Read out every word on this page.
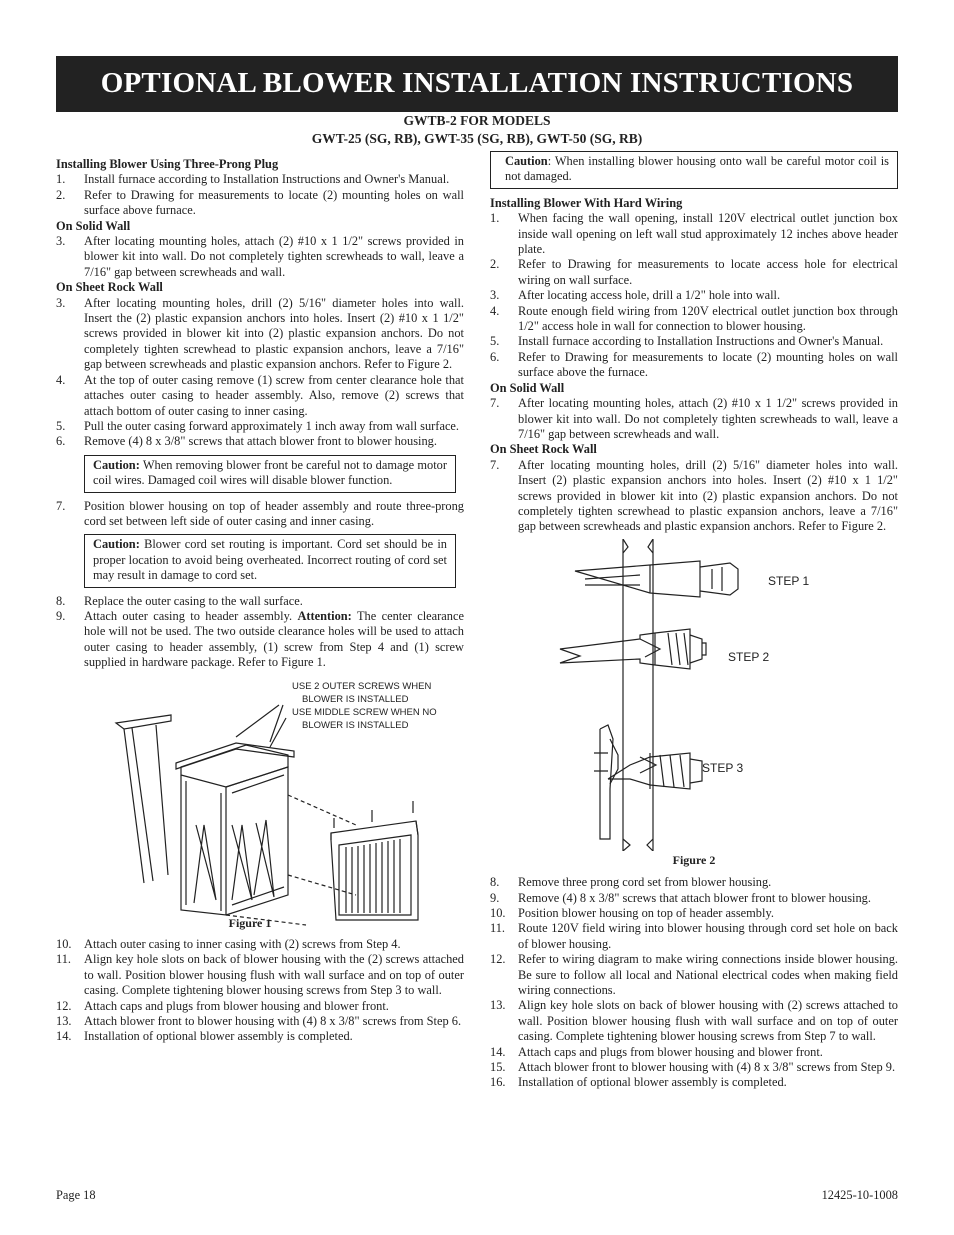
OPTIONAL BLOWER INSTALLATION INSTRUCTIONS
GWTB-2 FOR MODELS
GWT-25 (SG, RB), GWT-35 (SG, RB), GWT-50 (SG, RB)
Installing Blower Using Three-Prong Plug
1.	Install furnace according to Installation Instructions and Owner's Manual.
2.	Refer to Drawing for measurements to locate (2) mounting holes on wall surface above furnace.
On Solid Wall
3.	After locating mounting holes, attach (2) #10 x 1 1/2" screws provided in blower kit into wall. Do not completely tighten screwheads to wall, leave a 7/16" gap between screwheads and wall.
On Sheet Rock Wall
3.	After locating mounting holes, drill (2) 5/16" diameter holes into wall. Insert the (2) plastic expansion anchors into holes. Insert (2) #10 x 1 1/2" screws provided in blower kit into (2) plastic expansion anchors. Do not completely tighten screwhead to plastic expansion anchors, leave a 7/16" gap between screwheads and plastic expansion anchors. Refer to Figure 2.
4.	At the top of outer casing remove (1) screw from center clearance hole that attaches outer casing to header assembly. Also, remove (2) screws that attach bottom of outer casing to inner casing.
5.	Pull the outer casing forward approximately 1 inch away from wall surface.
6.	Remove (4) 8 x 3/8" screws that attach blower front to blower housing.
Caution: When removing blower front be careful not to damage motor coil wires. Damaged coil wires will disable blower function.
7.	Position blower housing on top of header assembly and route three-prong cord set between left side of outer casing and inner casing.
Caution: Blower cord set routing is important. Cord set should be in proper location to avoid being overheated. Incorrect routing of cord set may result in damage to cord set.
8.	Replace the outer casing to the wall surface.
9.	Attach outer casing to header assembly. Attention: The center clearance hole will not be used. The two outside clearance holes will be used to attach outer casing to header assembly, (1) screw from Step 4 and (1) screw supplied in hardware package. Refer to Figure 1.
USE 2 OUTER SCREWS WHEN
BLOWER IS INSTALLED
USE MIDDLE SCREW WHEN NO
BLOWER IS INSTALLED
Figure 1
10.	Attach outer casing to inner casing with (2) screws from Step 4.
11.	Align key hole slots on back of blower housing with the (2) screws attached to wall. Position blower housing flush with wall surface and on top of outer casing. Complete tightening blower housing screws from Step 3 to wall.
12.	Attach caps and plugs from blower housing and blower front.
13.	Attach blower front to blower housing with (4) 8 x 3/8" screws from Step 6.
14.	Installation of optional blower assembly is completed.
Caution: When installing blower housing onto wall be careful motor coil is not damaged.
Installing Blower With Hard Wiring
1.	When facing the wall opening, install 120V electrical outlet junction box inside wall opening on left wall stud approximately 12 inches above header plate.
2.	Refer to Drawing for measurements to locate access hole for electrical wiring on wall surface.
3.	After locating access hole, drill a 1/2" hole into wall.
4.	Route enough field wiring from 120V electrical outlet junction box through 1/2" access hole in wall for connection to blower housing.
5.	Install furnace according to Installation Instructions and Owner's Manual.
6.	Refer to Drawing for measurements to locate (2) mounting holes on wall surface above the furnace.
On Solid Wall
7.	After locating mounting holes, attach (2) #10 x 1 1/2" screws provided in blower kit into wall. Do not completely tighten screwheads to wall, leave a 7/16" gap between screwheads and wall.
On Sheet Rock Wall
7.	After locating mounting holes, drill (2) 5/16" diameter holes into wall. Insert (2) plastic expansion anchors into holes. Insert (2) #10 x 1 1/2" screws provided in blower kit into (2) plastic expansion anchors. Do not completely tighten screwhead to plastic expansion anchors, leave a 7/16" gap between screwheads and plastic expansion anchors. Refer to Figure 2.
STEP 1
STEP 2
STEP 3
Figure 2
8.	Remove three prong cord set from blower housing.
9.	Remove (4) 8 x 3/8" screws that attach blower front to blower housing.
10.	Position blower housing on top of header assembly.
11.	Route 120V field wiring into blower housing through cord set hole on back of blower housing.
12.	Refer to wiring diagram to make wiring connections inside blower housing. Be sure to follow all local and National electrical codes when making field wiring connections.
13.	Align key hole slots on back of blower housing with (2) screws attached to wall. Position blower housing flush with wall surface and on top of outer casing. Complete tightening blower housing screws from Step 7 to wall.
14.	Attach caps and plugs from blower housing and blower front.
15.	Attach blower front to blower housing with (4) 8 x 3/8" screws from Step 9.
16.	Installation of optional blower assembly is completed.
Page 18	12425-10-1008
